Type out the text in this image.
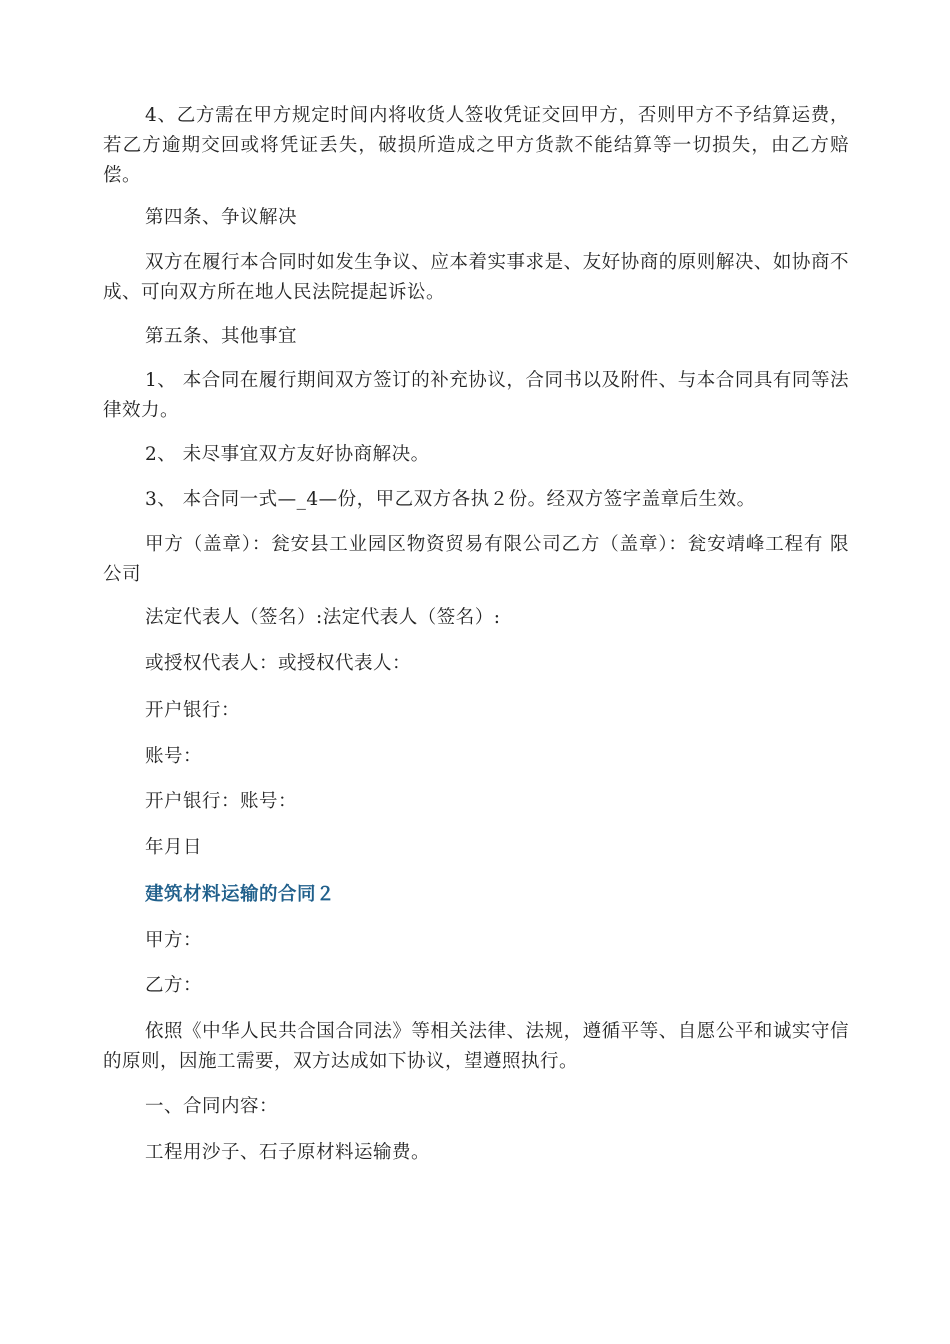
4、乙方需在甲方规定时间内将收货人签收凭证交回甲方，否则甲方不予结算运费，若乙方逾期交回或将凭证丢失，破损所造成之甲方货款不能结算等一切损失，由乙方赔偿。

第四条、争议解决

双方在履行本合同时如发生争议、应本着实事求是、友好协商的原则解决、如协商不成、可向双方所在地人民法院提起诉讼。

第五条、其他事宜

1、 本合同在履行期间双方签订的补充协议，合同书以及附件、与本合同具有同等法律效力。

2、 未尽事宜双方友好协商解决。

3、 本合同一式—_4—份，甲乙双方各执２份。经双方签字盖章后生效。

甲方（盖章）：瓮安县工业园区物资贸易有限公司乙方（盖章）：瓮安靖峰工程有 限公司

法定代表人（签名）:法定代表人（签名）:

或授权代表人：或授权代表人：

开户银行：

账号：

开户银行：账号：

年月日

建筑材料运输的合同２

甲方：

乙方：

依照《中华人民共合国合同法》等相关法律、法规，遵循平等、自愿公平和诚实守信的原则，因施工需要，双方达成如下协议，望遵照执行。

一、合同内容：

工程用沙子、石子原材料运输费。
